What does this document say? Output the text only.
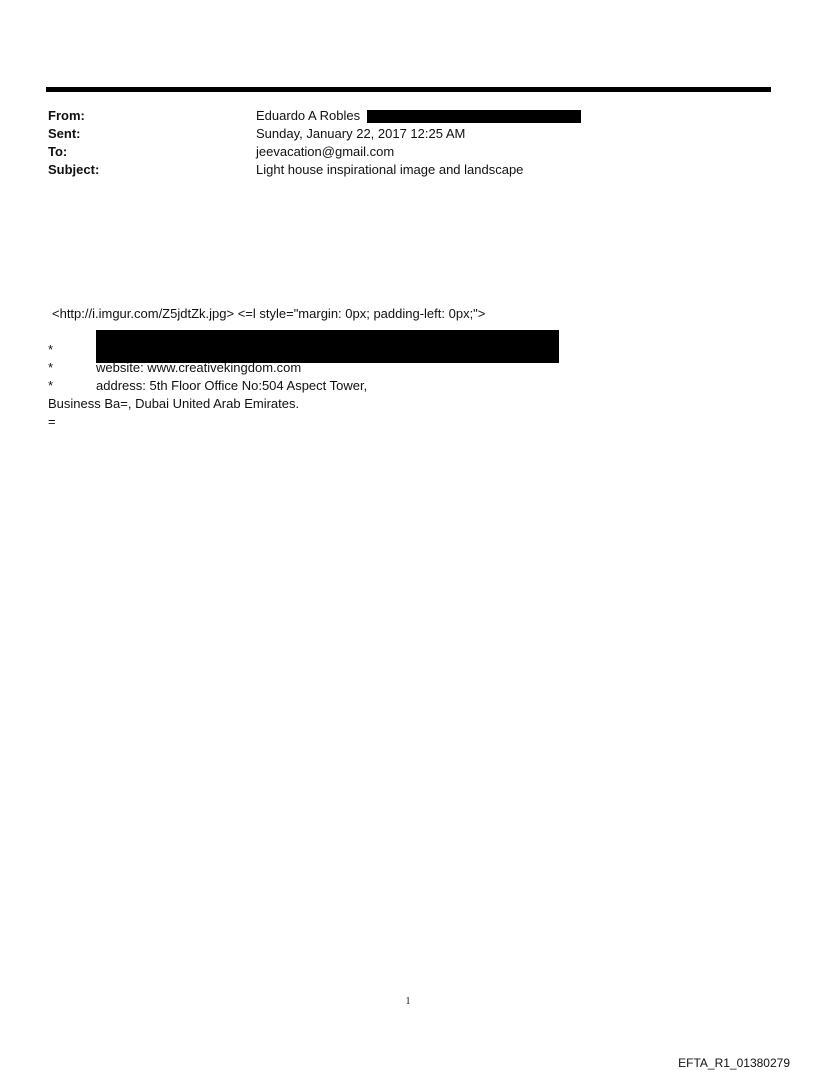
From:	Eduardo A Robles
Sent:	Sunday, January 22, 2017 12:25 AM
To:	jeevacation@gmail.com
Subject:	Light house inspirational image and landscape
<http://i.imgur.com/Z5jdtZk.jpg> <=l style="margin: 0px; padding-left: 0px;">
*
*	website: www.creativekingdom.com
*	address: 5th Floor Office No:504 Aspect Tower,
Business Ba=, Dubai United Arab Emirates.
=
1
EFTA_R1_01380279
